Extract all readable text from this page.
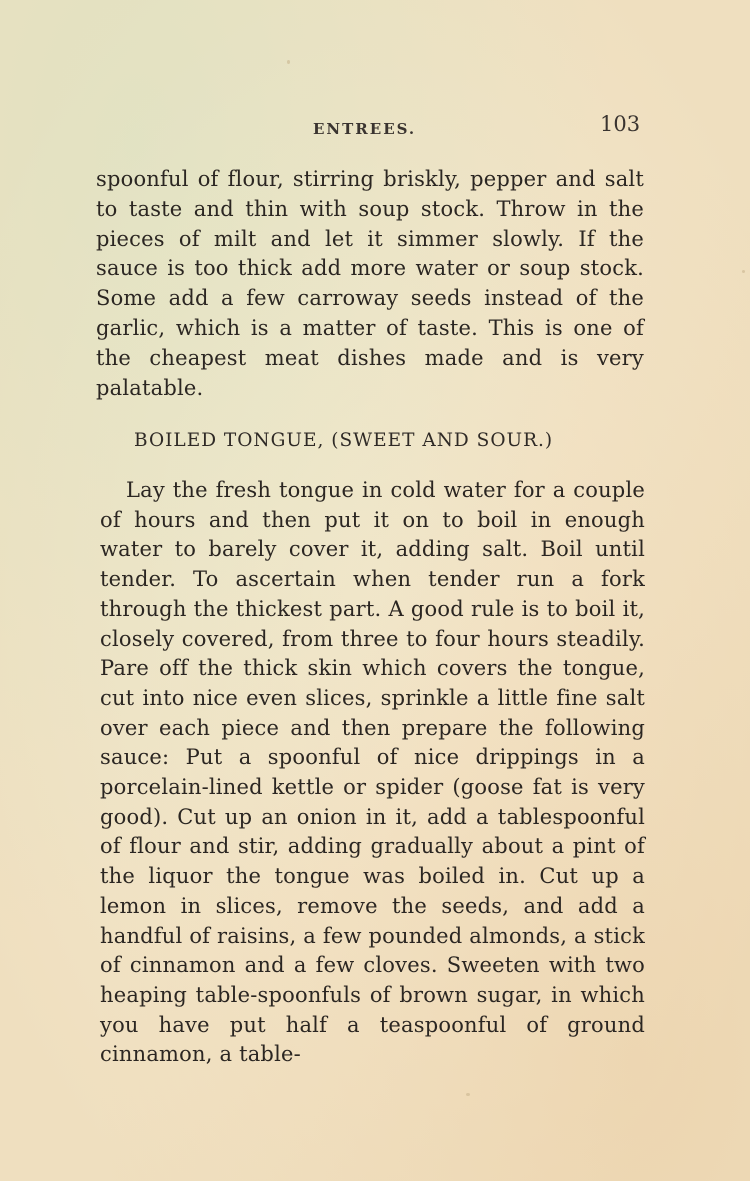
ENTREES.	103

spoonful of flour, stirring briskly, pepper and salt to taste and thin with soup stock. Throw in the pieces of milt and let it simmer slowly. If the sauce is too thick add more water or soup stock. Some add a few carroway seeds instead of the garlic, which is a matter of taste. This is one of the cheapest meat dishes made and is very palatable.

BOILED TONGUE, (SWEET AND SOUR.)

Lay the fresh tongue in cold water for a couple of hours and then put it on to boil in enough water to barely cover it, adding salt. Boil until tender. To ascertain when tender run a fork through the thickest part. A good rule is to boil it, closely covered, from three to four hours steadily. Pare off the thick skin which covers the tongue, cut into nice even slices, sprinkle a little fine salt over each piece and then prepare the following sauce: Put a spoonful of nice drippings in a porcelain-lined kettle or spider (goose fat is very good). Cut up an onion in it, add a tablespoonful of flour and stir, adding gradually about a pint of the liquor the tongue was boiled in. Cut up a lemon in slices, remove the seeds, and add a handful of raisins, a few pounded almonds, a stick of cinnamon and a few cloves. Sweeten with two heaping table-spoonfuls of brown sugar, in which you have put half a teaspoonful of ground cinnamon, a table-
